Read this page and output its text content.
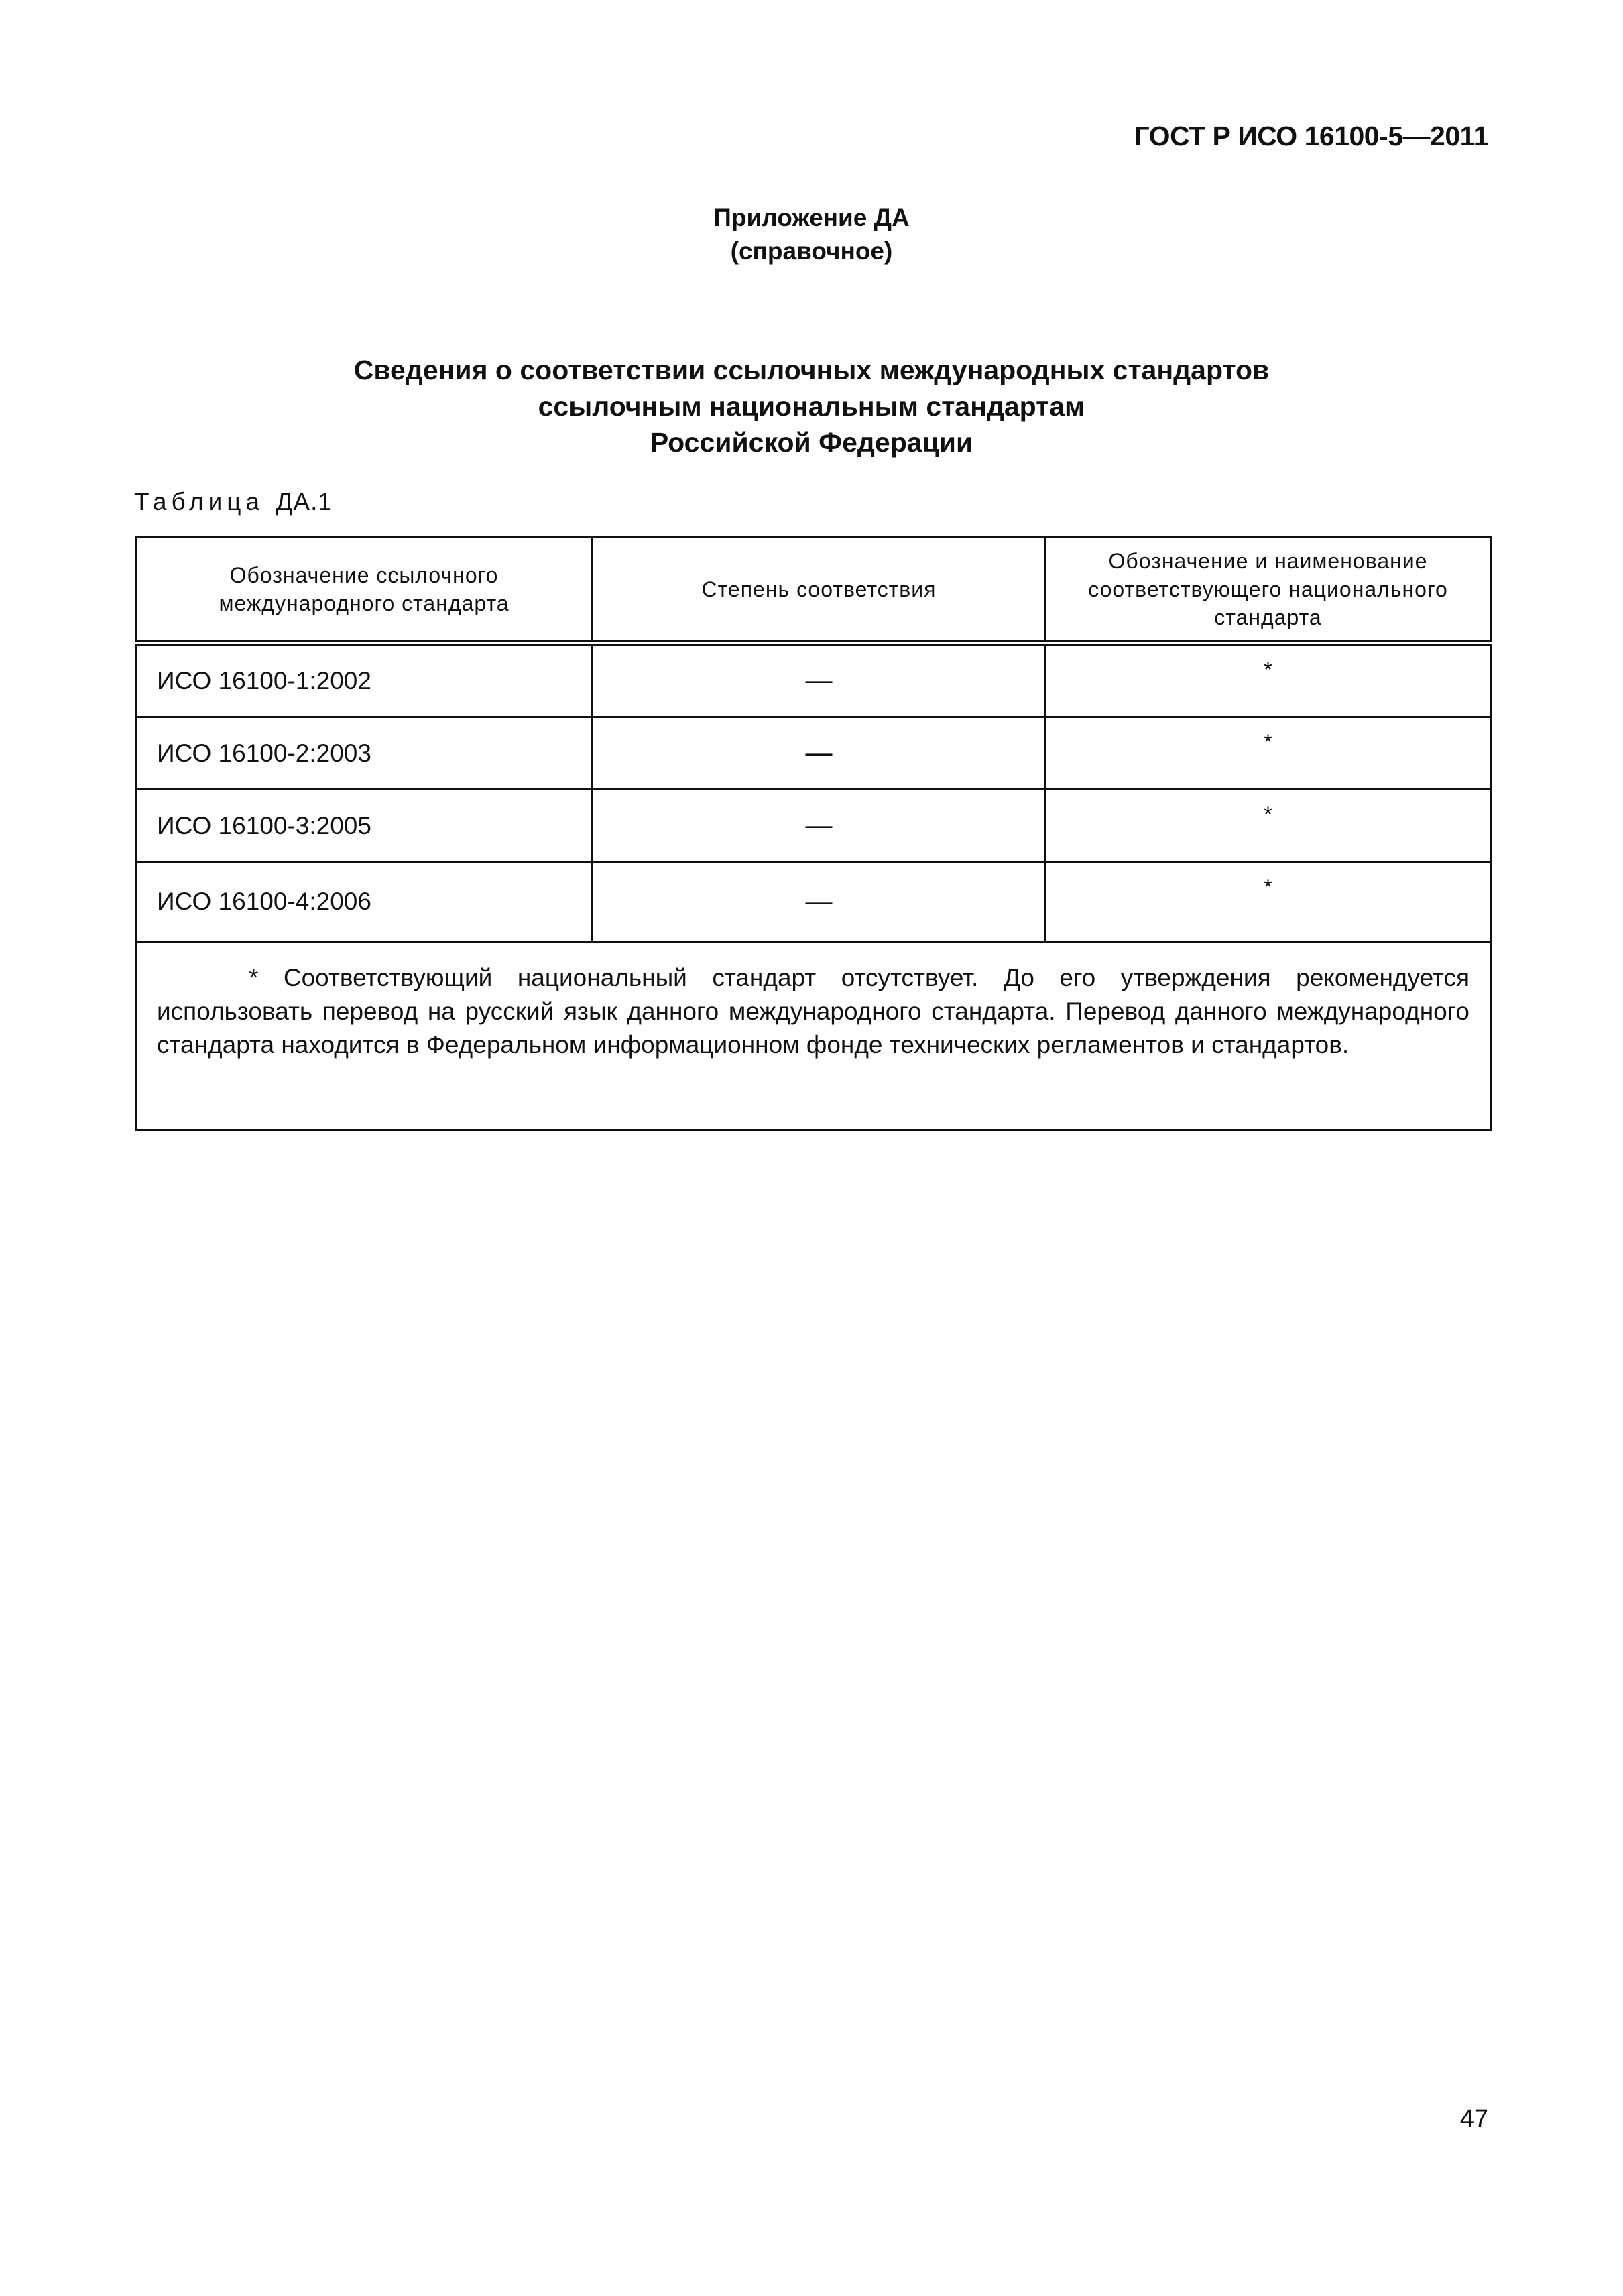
ГОСТ Р ИСО 16100-5—2011
Приложение ДА
(справочное)
Сведения о соответствии ссылочных международных стандартов
ссылочным национальным стандартам
Российской Федерации
Таблица ДА.1
Обозначение ссылочного международного стандарта	Степень соответствия	Обозначение и наименование соответствующего национального стандарта
ИСО 16100-1:2002	—	*
ИСО 16100-2:2003	—	*
ИСО 16100-3:2005	—	*
ИСО 16100-4:2006	—	*
* Соответствующий национальный стандарт отсутствует. До его утверждения рекомендуется использовать перевод на русский язык данного международного стандарта. Перевод данного международного стандарта находится в Федеральном информационном фонде технических регламентов и стандартов.		
47
